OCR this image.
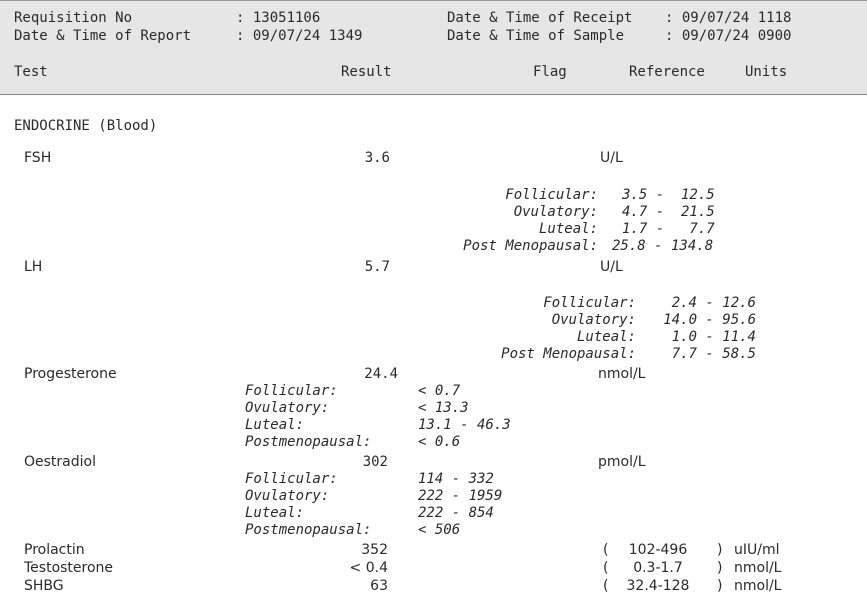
Requisition No	: 13051106
Date & Time of Report	: 09/07/24 1349
Date & Time of Receipt : 09/07/24 1118
Date & Time of Sample	: 09/07/24 0900
Test	Result	Flag	Reference	Units
ENDOCRINE (Blood)
FSH	3.6	U/L
Follicular: 3.5 -  12.5
Ovulatory: 4.7 -  21.5
Luteal: 1.7 -   7.7
Post Menopausal: 25.8 - 134.8
LH	5.7	U/L
Follicular:	2.4 - 12.6
Ovulatory:	14.0 - 95.6
Luteal:	1.0 - 11.4
Post Menopausal:	7.7 - 58.5
Progesterone	24.4	nmol/L
Follicular:	< 0.7
Ovulatory:	< 13.3
Luteal:	13.1 - 46.3
Postmenopausal:	< 0.6
Oestradiol	302	pmol/L
Follicular:	114 - 332
Ovulatory:	222 - 1959
Luteal:	222 - 854
Postmenopausal:	< 506
Prolactin	352	(	102-496	) uIU/ml
Testosterone	< 0.4	(	0.3-1.7	) nmol/L
SHBG	63	(	32.4-128	) nmol/L
